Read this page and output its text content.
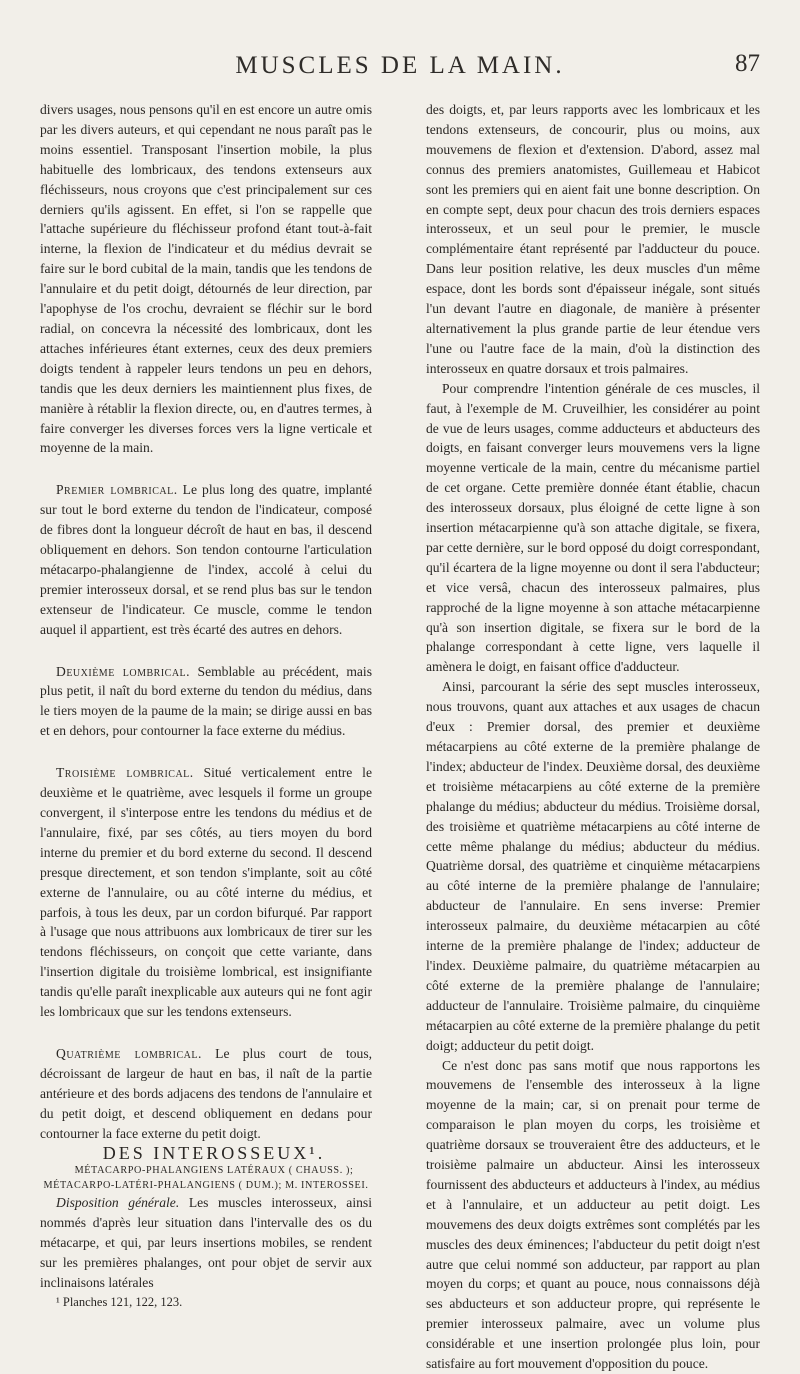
MUSCLES DE LA MAIN.	87

divers usages, nous pensons qu'il en est encore un autre omis par les divers auteurs, et qui cependant ne nous paraît pas le moins essentiel. Transposant l'insertion mobile, la plus habituelle des lombricaux, des tendons extenseurs aux fléchisseurs, nous croyons que c'est principalement sur ces derniers qu'ils agissent. En effet, si l'on se rappelle que l'attache supérieure du fléchisseur profond étant tout-à-fait interne, la flexion de l'indicateur et du médius devrait se faire sur le bord cubital de la main, tandis que les tendons de l'annulaire et du petit doigt, détournés de leur direction, par l'apophyse de l'os crochu, devraient se fléchir sur le bord radial, on concevra la nécessité des lombricaux, dont les attaches inférieures étant externes, ceux des deux premiers doigts tendent à rappeler leurs tendons un peu en dehors, tandis que les deux derniers les maintiennent plus fixes, de manière à rétablir la flexion directe, ou, en d'autres termes, à faire converger les diverses forces vers la ligne verticale et moyenne de la main.

Premier lombrical. Le plus long des quatre, implanté sur tout le bord externe du tendon de l'indicateur, composé de fibres dont la longueur décroît de haut en bas, il descend obliquement en dehors. Son tendon contourne l'articulation métacarpo-phalangienne de l'index, accolé à celui du premier interosseux dorsal, et se rend plus bas sur le tendon extenseur de l'indicateur. Ce muscle, comme le tendon auquel il appartient, est très écarté des autres en dehors.

Deuxième lombrical. Semblable au précédent, mais plus petit, il naît du bord externe du tendon du médius, dans le tiers moyen de la paume de la main; se dirige aussi en bas et en dehors, pour contourner la face externe du médius.

Troisième lombrical. Situé verticalement entre le deuxième et le quatrième, avec lesquels il forme un groupe convergent, il s'interpose entre les tendons du médius et de l'annulaire, fixé, par ses côtés, au tiers moyen du bord interne du premier et du bord externe du second. Il descend presque directement, et son tendon s'implante, soit au côté externe de l'annulaire, ou au côté interne du médius, et parfois, à tous les deux, par un cordon bifurqué. Par rapport à l'usage que nous attribuons aux lombricaux de tirer sur les tendons fléchisseurs, on conçoit que cette variante, dans l'insertion digitale du troisième lombrical, est insignifiante tandis qu'elle paraît inexplicable aux auteurs qui ne font agir les lombricaux que sur les tendons extenseurs.

Quatrième lombrical. Le plus court de tous, décroissant de largeur de haut en bas, il naît de la partie antérieure et des bords adjacens des tendons de l'annulaire et du petit doigt, et descend obliquement en dedans pour contourner la face externe du petit doigt.

DES INTEROSSEUX¹.

MÉTACARPO-PHALANGIENS LATÉRAUX ( CHAUSS. ); MÉTACARPO-LATÉRI-PHALANGIENS ( DUM.); M. INTEROSSEI.

Disposition générale. Les muscles interosseux, ainsi nommés d'après leur situation dans l'intervalle des os du métacarpe, et qui, par leurs insertions mobiles, se rendent sur les premières phalanges, ont pour objet de servir aux inclinaisons latérales

¹ Planches 121, 122, 123.

des doigts, et, par leurs rapports avec les lombricaux et les tendons extenseurs, de concourir, plus ou moins, aux mouvemens de flexion et d'extension. D'abord, assez mal connus des premiers anatomistes, Guillemeau et Habicot sont les premiers qui en aient fait une bonne description. On en compte sept, deux pour chacun des trois derniers espaces interosseux, et un seul pour le premier, le muscle complémentaire étant représenté par l'adducteur du pouce. Dans leur position relative, les deux muscles d'un même espace, dont les bords sont d'épaisseur inégale, sont situés l'un devant l'autre en diagonale, de manière à présenter alternativement la plus grande partie de leur étendue vers l'une ou l'autre face de la main, d'où la distinction des interosseux en quatre dorsaux et trois palmaires.

Pour comprendre l'intention générale de ces muscles, il faut, à l'exemple de M. Cruveilhier, les considérer au point de vue de leurs usages, comme adducteurs et abducteurs des doigts, en faisant converger leurs mouvemens vers la ligne moyenne verticale de la main, centre du mécanisme partiel de cet organe. Cette première donnée étant établie, chacun des interosseux dorsaux, plus éloigné de cette ligne à son insertion métacarpienne qu'à son attache digitale, se fixera, par cette dernière, sur le bord opposé du doigt correspondant, qu'il écartera de la ligne moyenne ou dont il sera l'abducteur; et vice versâ, chacun des interosseux palmaires, plus rapproché de la ligne moyenne à son attache métacarpienne qu'à son insertion digitale, se fixera sur le bord de la phalange correspondant à cette ligne, vers laquelle il amènera le doigt, en faisant office d'adducteur.

Ainsi, parcourant la série des sept muscles interosseux, nous trouvons, quant aux attaches et aux usages de chacun d'eux : Premier dorsal, des premier et deuxième métacarpiens au côté externe de la première phalange de l'index; abducteur de l'index. Deuxième dorsal, des deuxième et troisième métacarpiens au côté externe de la première phalange du médius; abducteur du médius. Troisième dorsal, des troisième et quatrième métacarpiens au côté interne de cette même phalange du médius; abducteur du médius. Quatrième dorsal, des quatrième et cinquième métacarpiens au côté interne de la première phalange de l'annulaire; abducteur de l'annulaire. En sens inverse: Premier interosseux palmaire, du deuxième métacarpien au côté interne de la première phalange de l'index; adducteur de l'index. Deuxième palmaire, du quatrième métacarpien au côté externe de la première phalange de l'annulaire; adducteur de l'annulaire. Troisième palmaire, du cinquième métacarpien au côté externe de la première phalange du petit doigt; adducteur du petit doigt.

Ce n'est donc pas sans motif que nous rapportons les mouvemens de l'ensemble des interosseux à la ligne moyenne de la main; car, si on prenait pour terme de comparaison le plan moyen du corps, les troisième et quatrième dorsaux se trouveraient être des adducteurs, et le troisième palmaire un abducteur. Ainsi les interosseux fournissent des abducteurs et adducteurs à l'index, au médius et à l'annulaire, et un adducteur au petit doigt. Les mouvemens des deux doigts extrêmes sont complétés par les muscles des deux éminences; l'abducteur du petit doigt n'est autre que celui nommé son adducteur, par rapport au plan moyen du corps; et quant au pouce, nous connaissons déjà ses abducteurs et son adducteur propre, qui représente le premier interosseux palmaire, avec un volume plus considérable et une insertion prolongée plus loin, pour satisfaire au fort mouvement d'opposition du pouce.
